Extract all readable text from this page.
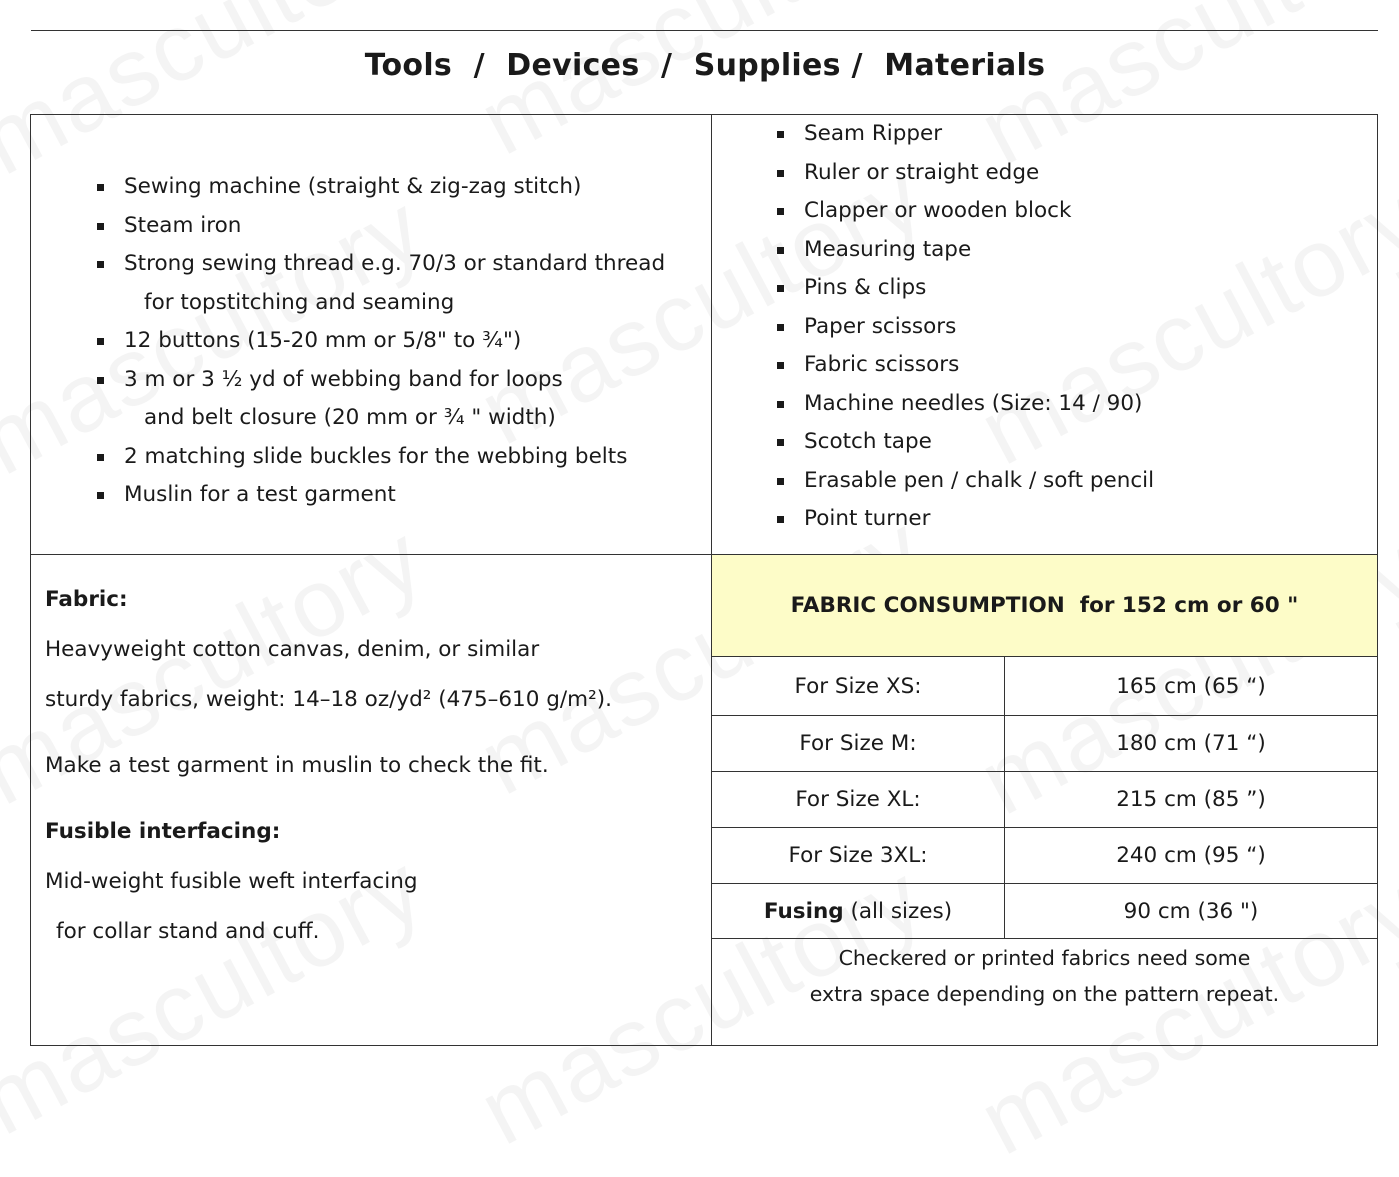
Tools  /  Devices  /  Supplies /  Materials
Sewing machine (straight & zig-zag stitch)
Steam iron
Strong sewing thread e.g. 70/3 or standard thread
for topstitching and seaming
12 buttons (15-20 mm or 5/8" to ¾")
3 m or 3 ½ yd of webbing band for loops
and belt closure (20 mm or ¾ " width)
2 matching slide buckles for the webbing belts
Muslin for a test garment
Seam Ripper
Ruler or straight edge
Clapper or wooden block
Measuring tape
Pins & clips
Paper scissors
Fabric scissors
Machine needles (Size: 14 / 90)
Scotch tape
Erasable pen / chalk / soft pencil
Point turner
Fabric:
Heavyweight cotton canvas, denim, or similar
sturdy fabrics, weight: 14–18 oz/yd² (475–610 g/m²).
Make a test garment in muslin to check the fit.
Fusible interfacing:
Mid-weight fusible weft interfacing
for collar stand and cuff.
FABRIC CONSUMPTION  for 152 cm or 60 "
For Size XS:	165 cm (65 “)
For Size M:	180 cm (71 “)
For Size XL:	215 cm (85 ”)
For Size 3XL:	240 cm (95 “)
Fusing (all sizes)	90 cm (36 ")
Checkered or printed fabrics need some
extra space depending on the pattern repeat.
